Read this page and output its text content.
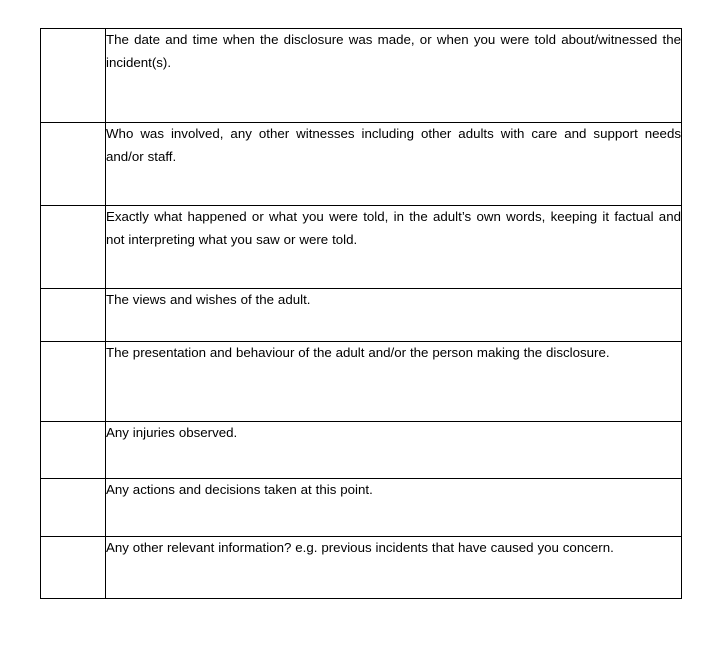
	The date and time when the disclosure was made, or when you were told about/witnessed the incident(s).

	Who was involved, any other witnesses including other adults with care and support needs and/or staff.

	Exactly what happened or what you were told, in the adult’s own words, keeping it factual and not interpreting what you saw or were told.

	The views and wishes of the adult.

	The presentation and behaviour of the adult and/or the person making the disclosure.

	Any injuries observed.

	Any actions and decisions taken at this point.

	Any other relevant information? e.g. previous incidents that have caused you concern.
